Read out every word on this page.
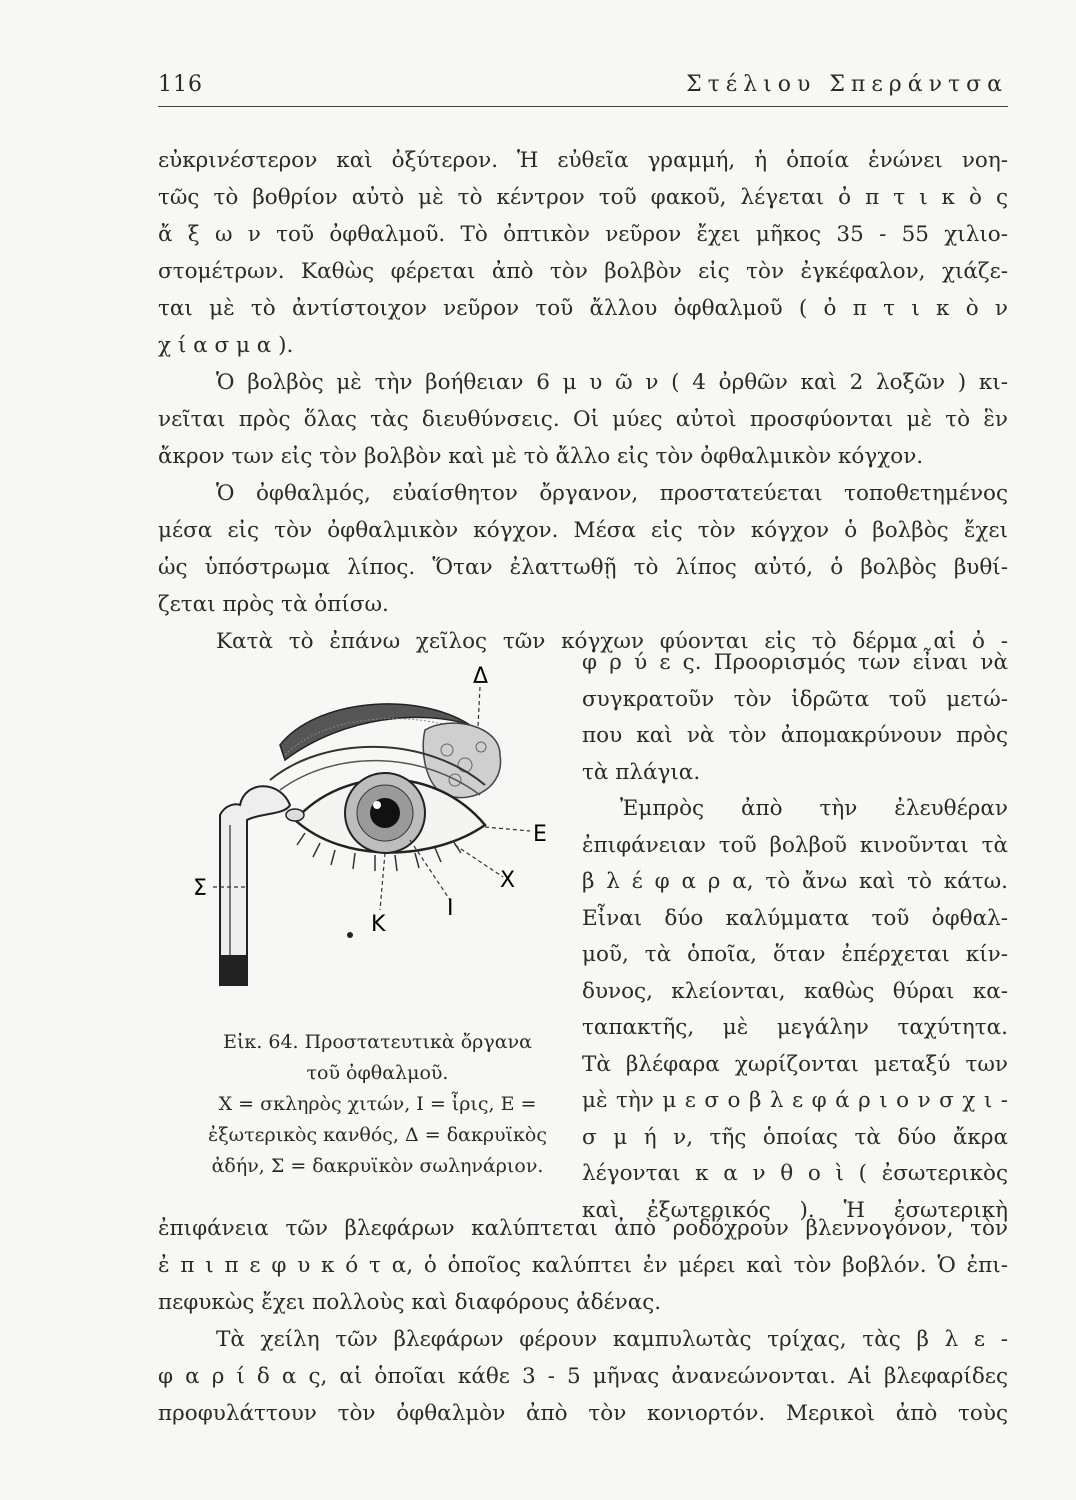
116	Στέλιου Σπεράντσα
εὐκρινέστερον καὶ ὀξύτερον. Ἡ εὐθεῖα γραμμή, ἡ ὁποία ἑνώνει νοη-
τῶς τὸ βοθρίον αὐτὸ μὲ τὸ κέντρον τοῦ φακοῦ, λέγεται ὀ π τ ι κ ὸ ς
ἄ ξ ω ν τοῦ ὀφθαλμοῦ. Τὸ ὀπτικὸν νεῦρον ἔχει μῆκος 35 - 55 χιλιο-
στομέτρων. Καθὼς φέρεται ἀπὸ τὸν βολβὸν εἰς τὸν ἐγκέφαλον, χιάζε-
ται μὲ τὸ ἀντίστοιχον νεῦρον τοῦ ἄλλου ὀφθαλμοῦ ( ὀ π τ ι κ ὸ ν
χ ί α σ μ α ).
Ὁ βολβὸς μὲ τὴν βοήθειαν 6 μ υ ῶ ν ( 4 ὀρθῶν καὶ 2 λοξῶν ) κι-
νεῖται πρὸς ὅλας τὰς διευθύνσεις. Οἱ μύες αὐτοὶ προσφύονται μὲ τὸ ἓν
ἄκρον των εἰς τὸν βολβὸν καὶ μὲ τὸ ἄλλο εἰς τὸν ὀφθαλμικὸν κόγχον.
Ὁ ὀφθαλμός, εὐαίσθητον ὄργανον, προστατεύεται τοποθετημένος
μέσα εἰς τὸν ὀφθαλμικὸν κόγχον. Μέσα εἰς τὸν κόγχον ὁ βολβὸς ἔχει
ὡς ὑπόστρωμα λίπος. Ὅταν ἐλαττωθῇ τὸ λίπος αὐτό, ὁ βολβὸς βυθί-
ζεται πρὸς τὰ ὀπίσω.
Κατὰ τὸ ἐπάνω χεῖλος τῶν κόγχων φύονται εἰς τὸ δέρμα αἱ ὀ -
Δ
E
X
Σ
I
K
Εἰκ. 64. Προστατευτικὰ ὄργανα
τοῦ ὀφθαλμοῦ.
Χ = σκληρὸς χιτών, Ι = ἶρις, Ε =
ἐξωτερικὸς κανθός, Δ = δακρυϊκὸς
ἀδήν, Σ = δακρυϊκὸν σωληνάριον.
φ ρ ύ ε ς. Προορισμός των εἶναι νὰ
συγκρατοῦν τὸν ἱδρῶτα τοῦ μετώ-
που καὶ νὰ τὸν ἀπομακρύνουν πρὸς
τὰ πλάγια.
Ἐμπρὸς ἀπὸ τὴν ἐλευθέραν
ἐπιφάνειαν τοῦ βολβοῦ κινοῦνται τὰ
β λ έ φ α ρ α, τὸ ἄνω καὶ τὸ κάτω.
Εἶναι δύο καλύμματα τοῦ ὀφθαλ-
μοῦ, τὰ ὁποῖα, ὅταν ἐπέρχεται κίν-
δυνος, κλείονται, καθὼς θύραι κα-
ταπακτῆς, μὲ μεγάλην ταχύτητα.
Τὰ βλέφαρα χωρίζονται μεταξύ των
μὲ τὴν μ ε σ ο β λ ε φ ά ρ ι ο ν σ χ ι -
σ μ ή ν, τῆς ὁποίας τὰ δύο ἄκρα
λέγονται κ α ν θ ο ὶ ( ἐσωτερικὸς
καὶ ἐξωτερικός ). Ἡ ἐσωτερικὴ
ἐπιφάνεια τῶν βλεφάρων καλύπτεται ἀπὸ ροδόχρουν βλεννογόνον, τὸν
ἐ π ι π ε φ υ κ ό τ α, ὁ ὁποῖος καλύπτει ἐν μέρει καὶ τὸν βοβλόν. Ὁ ἐπι-
πεφυκὼς ἔχει πολλοὺς καὶ διαφόρους ἀδένας.
Τὰ χείλη τῶν βλεφάρων φέρουν καμπυλωτὰς τρίχας, τὰς β λ ε -
φ α ρ ί δ α ς, αἱ ὁποῖαι κάθε 3 - 5 μῆνας ἀνανεώνονται. Αἱ βλεφαρίδες
προφυλάττουν τὸν ὀφθαλμὸν ἀπὸ τὸν κονιορτόν. Μερικοὶ ἀπὸ τοὺς
